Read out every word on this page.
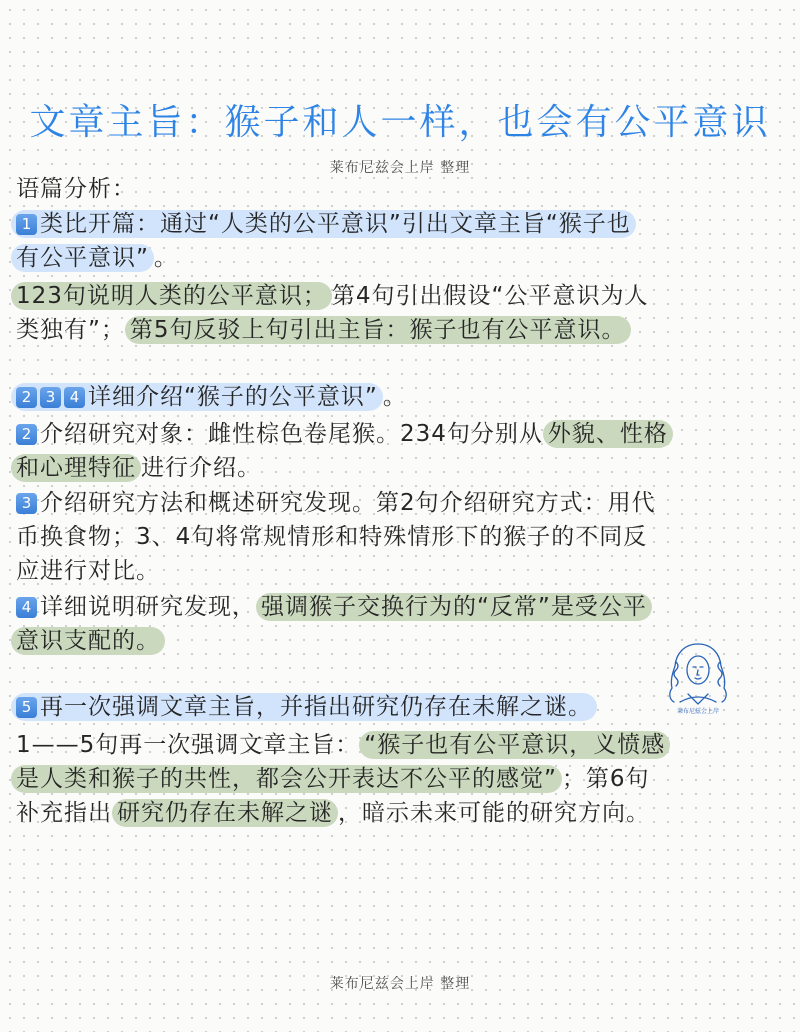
文章主旨：猴子和人一样，也会有公平意识
莱布尼兹会上岸 整理
语篇分析：
1 类比开篇：通过“人类的公平意识”引出文章主旨“猴子也
有公平意识” 。
123句说明人类的公平意识； 第4句引出假设“公平意识为人
类独有”； 第5句反驳上句引出主旨：猴子也有公平意识。
2 3 4 详细介绍“猴子的公平意识” 。
2 介绍研究对象：雌性棕色卷尾猴。234句分别从 外貌、性格
和心理特征 进行介绍。
3 介绍研究方法和概述研究发现。第2句介绍研究方式：用代
币换食物；3、4句将常规情形和特殊情形下的猴子的不同反
应进行对比。
4 详细说明研究发现， 强调猴子交换行为的“反常”是受公平
意识支配的。
莱布尼兹会上岸
5 再一次强调文章主旨，并指出研究仍存在未解之谜。
1——5句再一次强调文章主旨： “猴子也有公平意识，义愤感
是人类和猴子的共性，都会公开表达不公平的感觉” ；第6句
补充指出 研究仍存在未解之谜 ，暗示未来可能的研究方向。
莱布尼兹会上岸 整理
